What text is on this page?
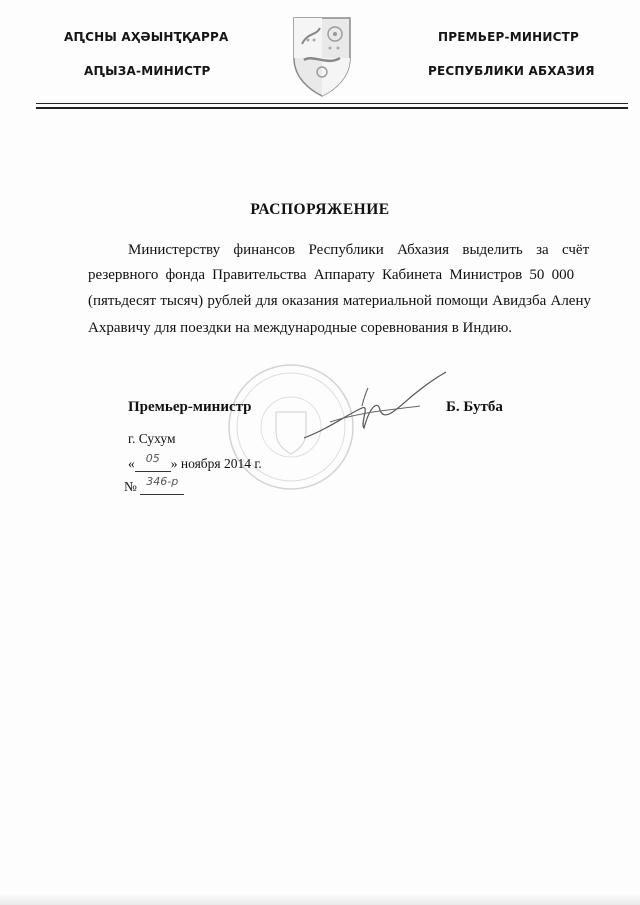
АԤСНЫ АҲӘЫНҬҚАРРА
АԤЫЗА-МИНИСТР
ПРЕМЬЕР-МИНИСТР
РЕСПУБЛИКИ АБХАЗИЯ
РАСПОРЯЖЕНИЕ
Министерству финансов Республики Абхазия выделить за счёт
резервного фонда Правительства Аппарату Кабинета Министров 50 000
(пятьдесят тысяч) рублей для оказания материальной помощи Авидзба Алену
Ахравичу для поездки на международные соревнования в Индию.
Премьер-министр	Б. Бутба
г. Сухум
«	05 » ноября 2014 г.
№ 346-р
